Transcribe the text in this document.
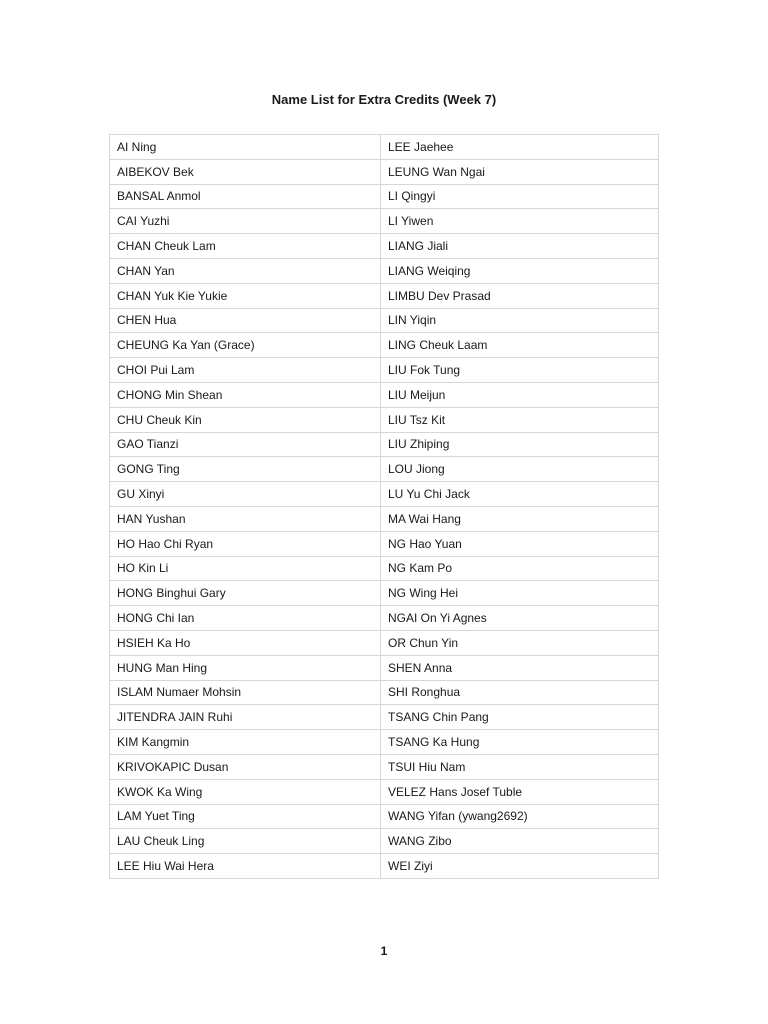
Name List for Extra Credits (Week 7)
AI Ning	LEE Jaehee
AIBEKOV Bek	LEUNG Wan Ngai
BANSAL Anmol	LI Qingyi
CAI Yuzhi	LI Yiwen
CHAN Cheuk Lam	LIANG Jiali
CHAN Yan	LIANG Weiqing
CHAN Yuk Kie Yukie	LIMBU Dev Prasad
CHEN Hua	LIN Yiqin
CHEUNG Ka Yan (Grace)	LING Cheuk Laam
CHOI Pui Lam	LIU Fok Tung
CHONG Min Shean	LIU Meijun
CHU Cheuk Kin	LIU Tsz Kit
GAO Tianzi	LIU Zhiping
GONG Ting	LOU Jiong
GU Xinyi	LU Yu Chi Jack
HAN Yushan	MA Wai Hang
HO Hao Chi Ryan	NG Hao Yuan
HO Kin Li	NG Kam Po
HONG Binghui Gary	NG Wing Hei
HONG Chi Ian	NGAI On Yi Agnes
HSIEH Ka Ho	OR Chun Yin
HUNG Man Hing	SHEN Anna
ISLAM Numaer Mohsin	SHI Ronghua
JITENDRA JAIN Ruhi	TSANG Chin Pang
KIM Kangmin	TSANG Ka Hung
KRIVOKAPIC Dusan	TSUI Hiu Nam
KWOK Ka Wing	VELEZ Hans Josef Tuble
LAM Yuet Ting	WANG Yifan (ywang2692)
LAU Cheuk Ling	WANG Zibo
LEE Hiu Wai Hera	WEI Ziyi
1
